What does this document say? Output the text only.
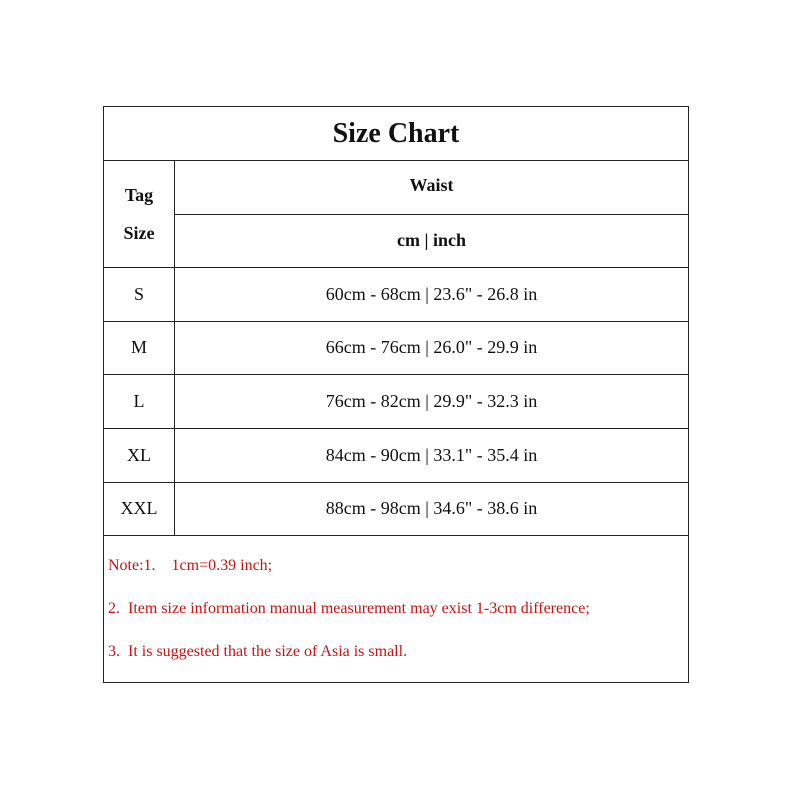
Size Chart
Tag
Size
Waist
cm | inch
S	60cm - 68cm | 23.6" - 26.8 in
M	66cm - 76cm | 26.0" - 29.9 in
L	76cm - 82cm | 29.9" - 32.3 in
XL	84cm - 90cm | 33.1" - 35.4 in
XXL	88cm - 98cm | 34.6" - 38.6 in
Note:1.    1cm=0.39 inch;
2.  Item size information manual measurement may exist 1-3cm difference;
3.  It is suggested that the size of Asia is small.
